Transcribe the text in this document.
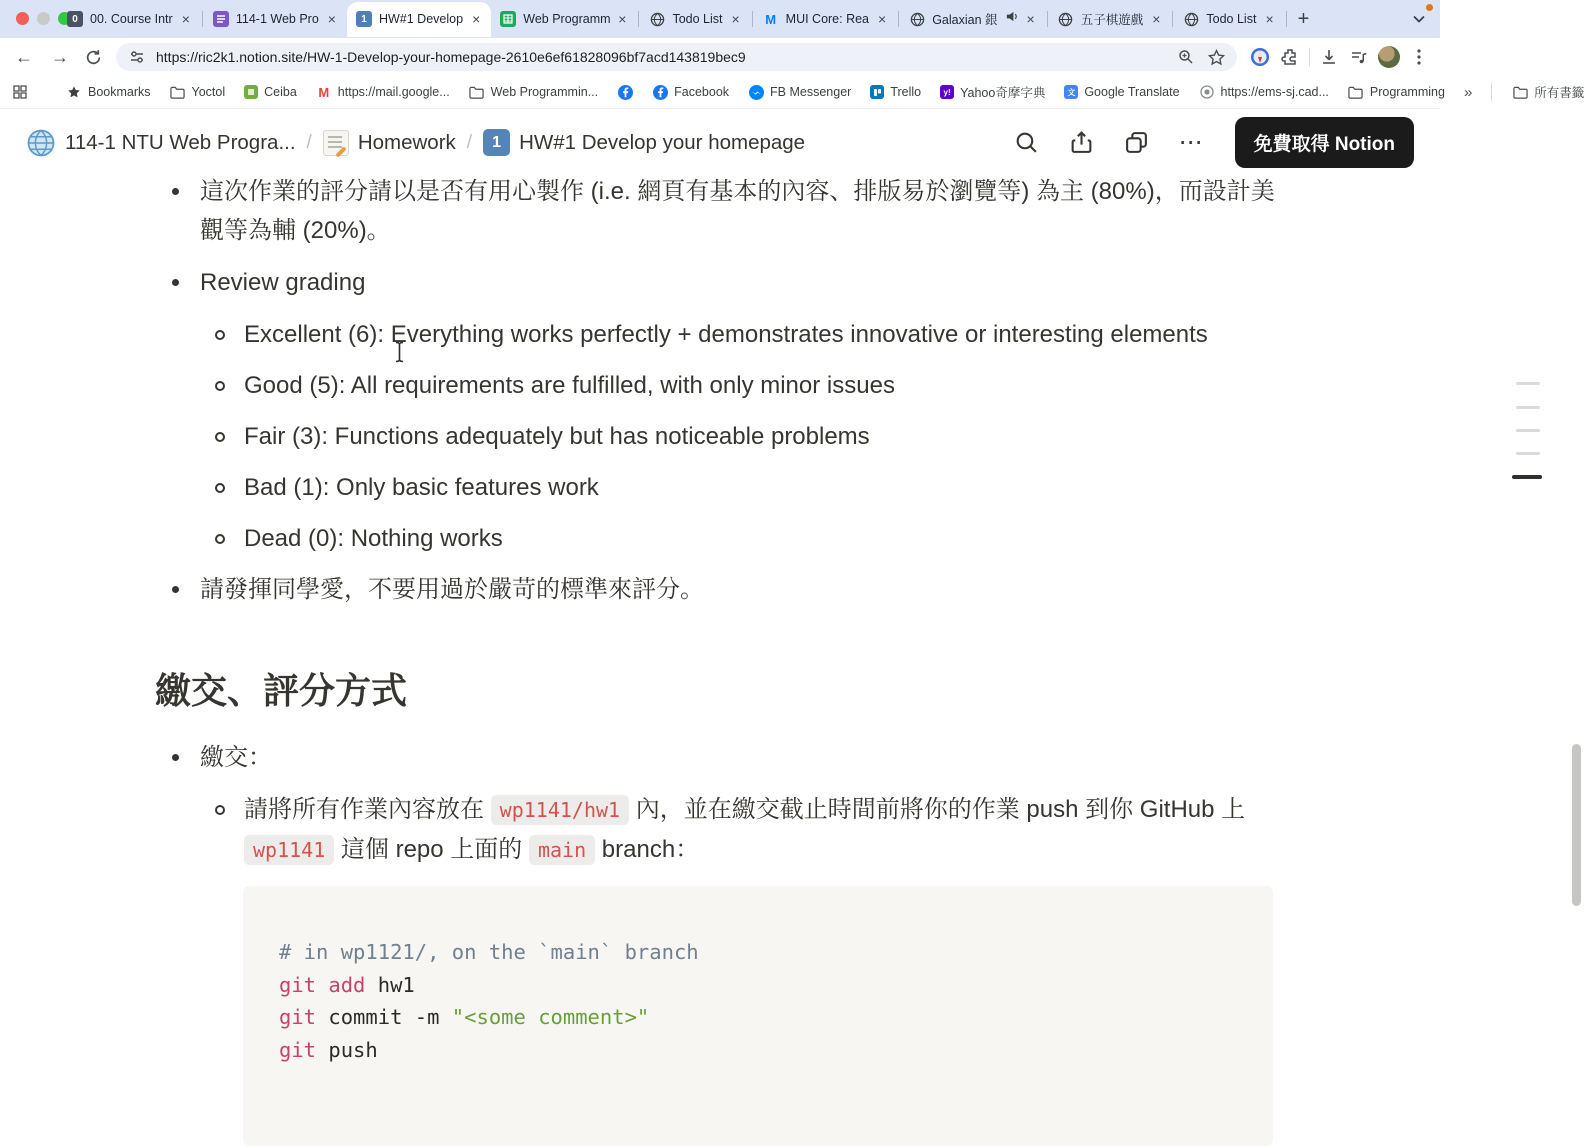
0 00. Course Intr ×	114-1 Web Pro ×	1 HW#1 Develop ×	Web Programm ×	Todo List × M MUI Core: Rea ×	Galaxian 銀 ×	五子棋遊戲 ×	Todo List ×	+
← →	https://ric2k1.notion.site/HW-1-Develop-your-homepage-2610e6ef61828096bf7acd143819bec9
Bookmarks	Yoctol	Ceiba M https://mail.google...	Web Programmin...	Facebook	FB Messenger	Trello	y! Yahoo奇摩字典	文 Google Translate	https://ems-sj.cad...	Programming »	所有書籤
114-1 NTU Web Progra... / Homework /	1 HW#1 Develop your homepage	⋯	免費取得 Notion
這次作業的評分請以是否有用心製作 (i.e. 網頁有基本的內容、排版易於瀏覽等) 為主 (80%)，而設計美觀等為輔 (20%)。
Review grading
Excellent (6): Everything works perfectly + demonstrates innovative or interesting elements
Good (5): All requirements are fulfilled, with only minor issues
Fair (3): Functions adequately but has noticeable problems
Bad (1): Only basic features work
Dead (0): Nothing works
請發揮同學愛，不要用過於嚴苛的標準來評分。
繳交、評分方式
繳交：
請將所有作業內容放在 wp1141/hw1 內，並在繳交截止時間前將你的作業 push 到你 GitHub 上 wp1141 這個 repo 上面的 main branch：
# in wp1121/, on the `main` branch
git add hw1
git commit -m "<some comment>"
git push
